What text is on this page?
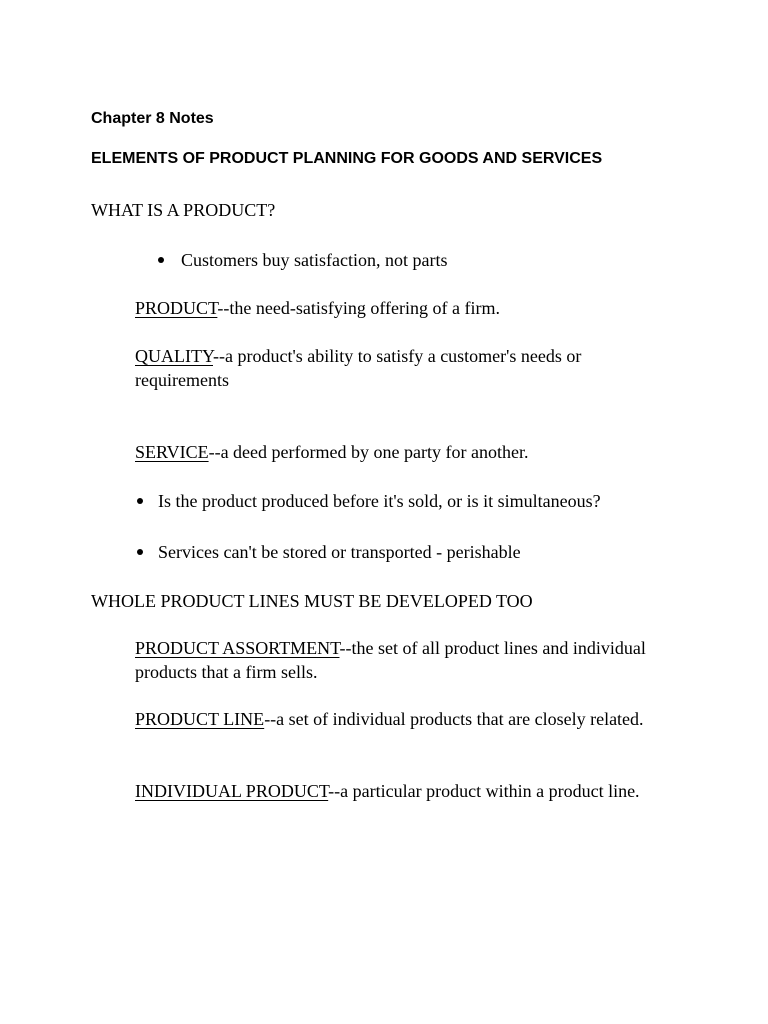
Chapter 8 Notes
ELEMENTS OF PRODUCT PLANNING FOR GOODS AND SERVICES
WHAT IS A PRODUCT?
Customers buy satisfaction, not parts
PRODUCT--the need-satisfying offering of a firm.
QUALITY--a product's ability to satisfy a customer's needs or requirements
SERVICE--a deed performed by one party for another.
Is the product produced before it's sold, or is it simultaneous?
Services can't be stored or transported - perishable
WHOLE PRODUCT LINES MUST BE DEVELOPED TOO
PRODUCT ASSORTMENT--the set of all product lines and individual products that a firm sells.
PRODUCT LINE--a set of individual products that are closely related.
INDIVIDUAL PRODUCT--a particular product within a product line.
